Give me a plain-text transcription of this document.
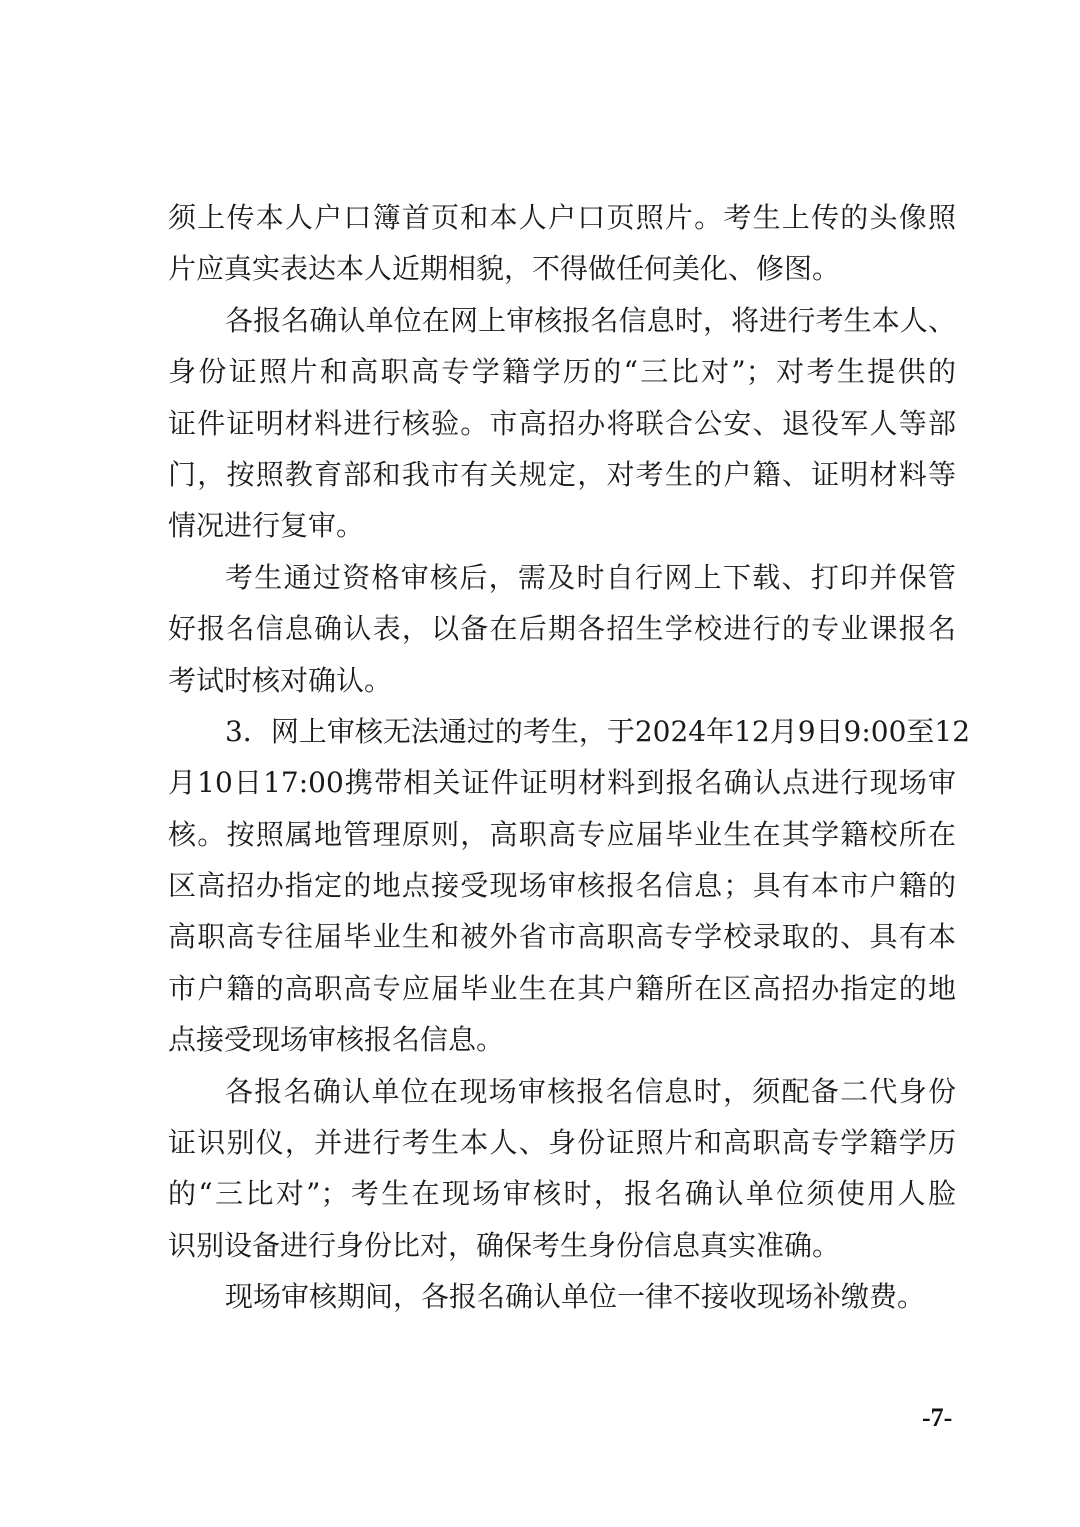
须上传本人户口簿首页和本人户口页照片。考生上传的头像照
片应真实表达本人近期相貌，不得做任何美化、修图。
各报名确认单位在网上审核报名信息时，将进行考生本人、
身份证照片和高职高专学籍学历的“三比对”；对考生提供的
证件证明材料进行核验。市高招办将联合公安、退役军人等部
门，按照教育部和我市有关规定，对考生的户籍、证明材料等
情况进行复审。
考生通过资格审核后，需及时自行网上下载、打印并保管
好报名信息确认表，以备在后期各招生学校进行的专业课报名
考试时核对确认。
3．网上审核无法通过的考生，于2024年12月9日9:00至12
月10日17:00携带相关证件证明材料到报名确认点进行现场审
核。按照属地管理原则，高职高专应届毕业生在其学籍校所在
区高招办指定的地点接受现场审核报名信息；具有本市户籍的
高职高专往届毕业生和被外省市高职高专学校录取的、具有本
市户籍的高职高专应届毕业生在其户籍所在区高招办指定的地
点接受现场审核报名信息。
各报名确认单位在现场审核报名信息时，须配备二代身份
证识别仪，并进行考生本人、身份证照片和高职高专学籍学历
的“三比对”；考生在现场审核时，报名确认单位须使用人脸
识别设备进行身份比对，确保考生身份信息真实准确。
现场审核期间，各报名确认单位一律不接收现场补缴费。
-7-
